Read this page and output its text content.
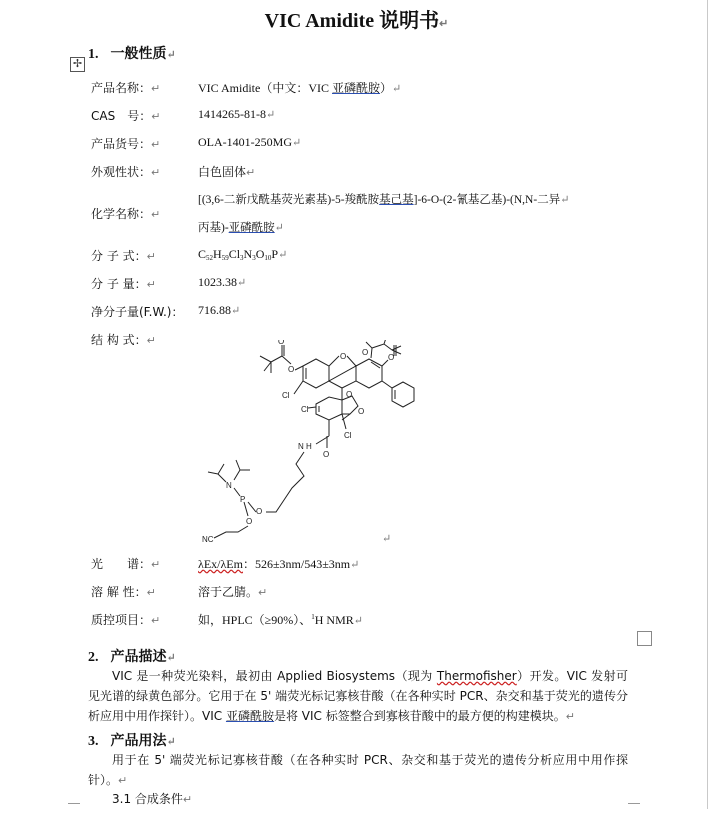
VIC Amidite 说明书↵
✢
1. 一般性质↵
产品名称：↵	VIC Amidite（中文：VIC 亚磷酰胺）↵
CAS　号：↵	1414265-81-8↵
产品货号：↵	OLA-1401-250MG↵
外观性状：↵	白色固体↵
化学名称：↵
[(3,6-二新戊酰基荧光素基)-5-羧酰胺基己基]-6-O-(2-氰基乙基)-(N,N-二异↵
丙基)-亚磷酰胺↵
分 子 式：↵	$C_{52}H_{59}Cl_3N_3O_{10}P↵$
分 子 量：↵	1023.38↵
净分子量(F.W.)： 716.88↵
结 构 式：↵	O
O
Cl
O	O
O
Cl
O
O
Cl
O
N H
O
P
N
O
NC	↵
光　　谱：↵	λEx/λEm：526±3nm/543±3nm↵
溶 解 性：↵	溶于乙腈。↵
质控项目：↵	如，HPLC（≥90%）、$^1$H NMR↵
2. 产品描述↵
VIC 是一种荧光染料，最初由 Applied Biosystems（现为 Thermofisher）开发。VIC 发射可见光谱的绿黄色部分。它用于在 5' 端荧光标记寡核苷酸（在各种实时 PCR、杂交和基于荧光的遗传分析应用中用作探针）。VIC 亚磷酰胺是将 VIC 标签整合到寡核苷酸中的最方便的构建模块。↵
3. 产品用法↵
用于在 5' 端荧光标记寡核苷酸（在各种实时 PCR、杂交和基于荧光的遗传分析应用中用作探针）。↵
3.1 合成条件↵
